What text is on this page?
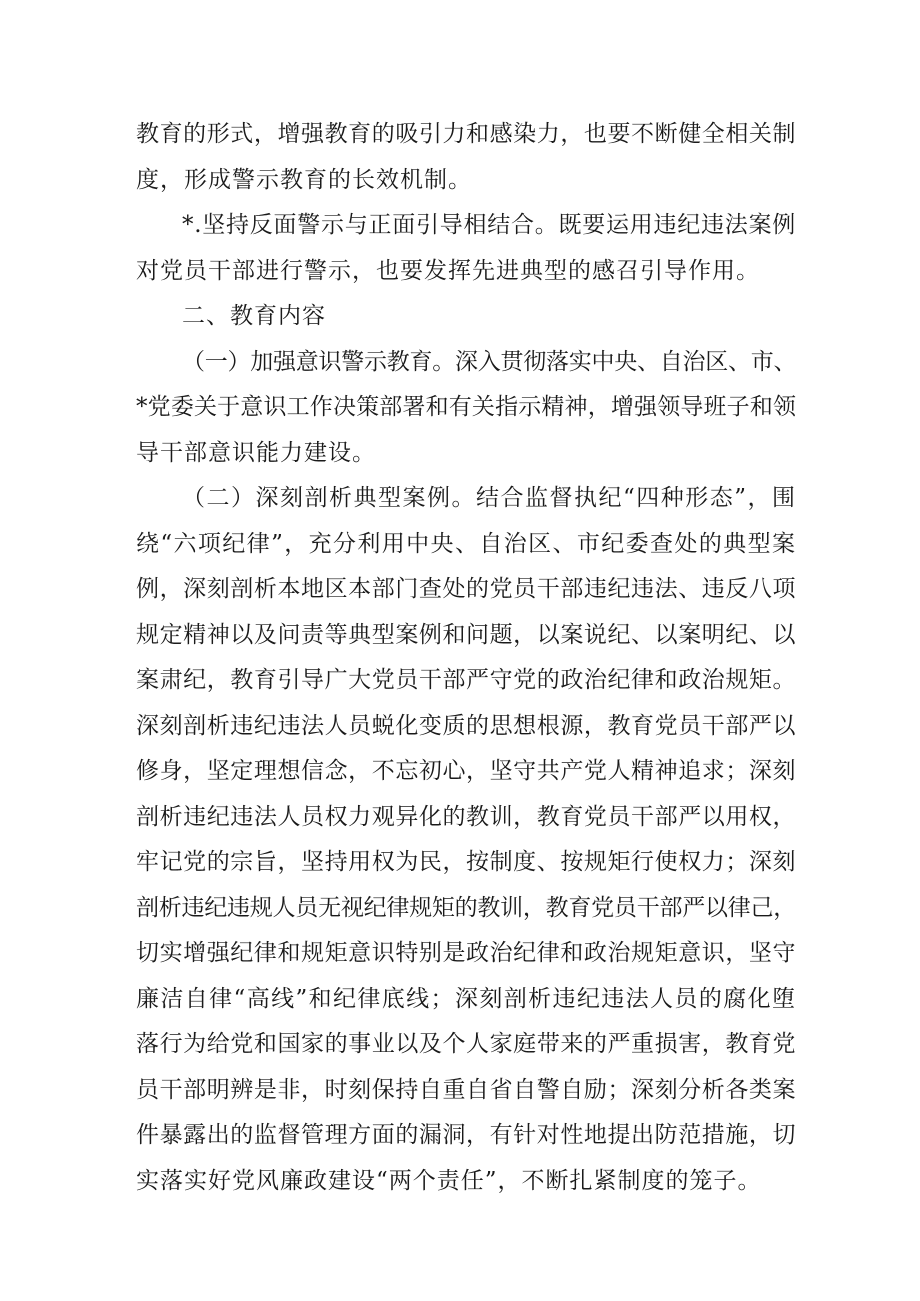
教育的形式，增强教育的吸引力和感染力，也要不断健全相关制
度，形成警示教育的长效机制。
*.坚持反面警示与正面引导相结合。既要运用违纪违法案例
对党员干部进行警示，也要发挥先进典型的感召引导作用。
二、教育内容
（一）加强意识警示教育。深入贯彻落实中央、自治区、市、
*党委关于意识工作决策部署和有关指示精神，增强领导班子和领
导干部意识能力建设。
（二）深刻剖析典型案例。结合监督执纪“四种形态”，围
绕“六项纪律”，充分利用中央、自治区、市纪委查处的典型案
例，深刻剖析本地区本部门查处的党员干部违纪违法、违反八项
规定精神以及问责等典型案例和问题，以案说纪、以案明纪、以
案肃纪，教育引导广大党员干部严守党的政治纪律和政治规矩。
深刻剖析违纪违法人员蜕化变质的思想根源，教育党员干部严以
修身，坚定理想信念，不忘初心，坚守共产党人精神追求；深刻
剖析违纪违法人员权力观异化的教训，教育党员干部严以用权，
牢记党的宗旨，坚持用权为民，按制度、按规矩行使权力；深刻
剖析违纪违规人员无视纪律规矩的教训，教育党员干部严以律己，
切实增强纪律和规矩意识特别是政治纪律和政治规矩意识，坚守
廉洁自律“高线”和纪律底线；深刻剖析违纪违法人员的腐化堕
落行为给党和国家的事业以及个人家庭带来的严重损害，教育党
员干部明辨是非，时刻保持自重自省自警自励；深刻分析各类案
件暴露出的监督管理方面的漏洞，有针对性地提出防范措施，切
实落实好党风廉政建设“两个责任”，不断扎紧制度的笼子。
